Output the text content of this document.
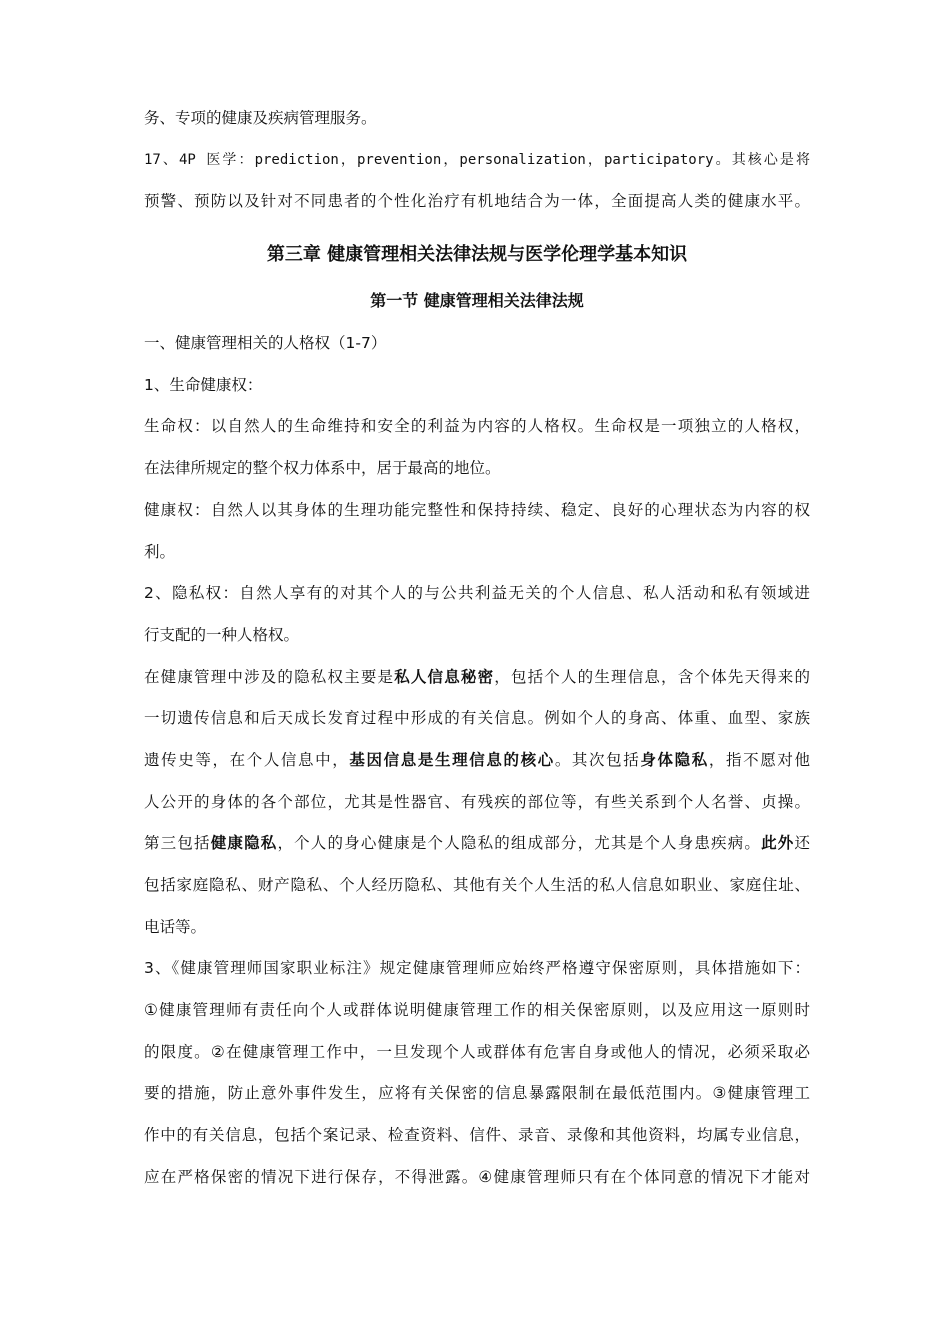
务、专项的健康及疾病管理服务。
17、4P 医学：prediction，prevention，personalization，participatory。其核心是将
预警、预防以及针对不同患者的个性化治疗有机地结合为一体，全面提高人类的健康水平。
第三章 健康管理相关法律法规与医学伦理学基本知识
第一节 健康管理相关法律法规
一、健康管理相关的人格权（1-7）
1、生命健康权：
生命权：以自然人的生命维持和安全的利益为内容的人格权。生命权是一项独立的人格权，
在法律所规定的整个权力体系中，居于最高的地位。
健康权：自然人以其身体的生理功能完整性和保持持续、稳定、良好的心理状态为内容的权
利。
2、隐私权：自然人享有的对其个人的与公共利益无关的个人信息、私人活动和私有领域进
行支配的一种人格权。
在健康管理中涉及的隐私权主要是私人信息秘密，包括个人的生理信息，含个体先天得来的
一切遗传信息和后天成长发育过程中形成的有关信息。例如个人的身高、体重、血型、家族
遗传史等，在个人信息中，基因信息是生理信息的核心。其次包括身体隐私，指不愿对他
人公开的身体的各个部位，尤其是性器官、有残疾的部位等，有些关系到个人名誉、贞操。
第三包括健康隐私，个人的身心健康是个人隐私的组成部分，尤其是个人身患疾病。此外还
包括家庭隐私、财产隐私、个人经历隐私、其他有关个人生活的私人信息如职业、家庭住址、
电话等。
3、《健康管理师国家职业标注》规定健康管理师应始终严格遵守保密原则，具体措施如下：
①健康管理师有责任向个人或群体说明健康管理工作的相关保密原则，以及应用这一原则时
的限度。②在健康管理工作中，一旦发现个人或群体有危害自身或他人的情况，必须采取必
要的措施，防止意外事件发生，应将有关保密的信息暴露限制在最低范围内。③健康管理工
作中的有关信息，包括个案记录、检查资料、信件、录音、录像和其他资料，均属专业信息，
应在严格保密的情况下进行保存，不得泄露。④健康管理师只有在个体同意的情况下才能对
